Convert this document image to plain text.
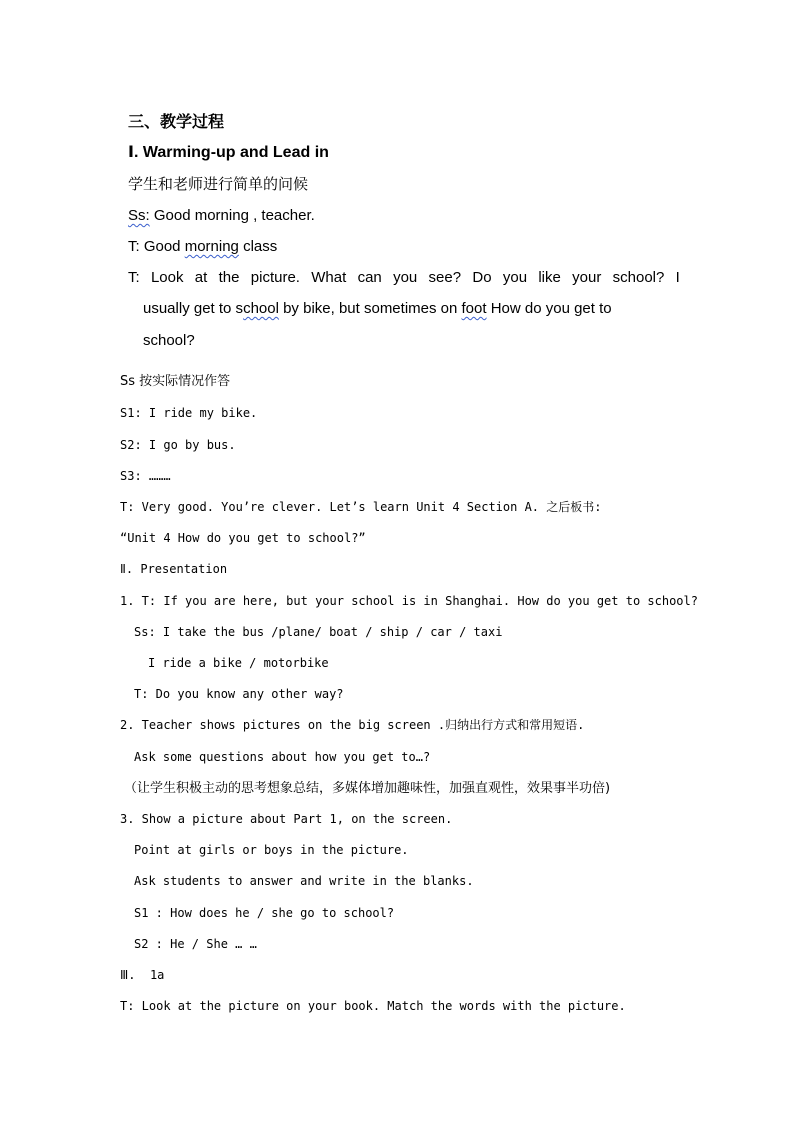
三、教学过程
Ⅰ. Warming-up and Lead in
学生和老师进行简单的问候
Ss: Good morning , teacher.
T: Good morning class
T: Look at the picture. What can you see? Do you like your school? I
usually get to school by bike, but sometimes on foot How do you get to
school?
Ss 按实际情况作答
S1: I ride my bike.
S2: I go by bus.
S3: ………
T: Very good. You’re clever. Let’s learn Unit 4 Section A. 之后板书:
“Unit 4 How do you get to school?”
Ⅱ. Presentation
1. T: If you are here, but your school is in Shanghai. How do you get to school?
Ss: I take the bus /plane/ boat / ship / car / taxi
I ride a bike / motorbike
T: Do you know any other way?
2. Teacher shows pictures on the big screen .归纳出行方式和常用短语.
Ask some questions about how you get to…?
（让学生积极主动的思考想象总结，多媒体增加趣味性，加强直观性，效果事半功倍)
3. Show a picture about Part 1, on the screen.
Point at girls or boys in the picture.
Ask students to answer and write in the blanks.
S1 : How does he / she go to school?
S2 : He / She … …
Ⅲ.  1a
T: Look at the picture on your book. Match the words with the picture.
